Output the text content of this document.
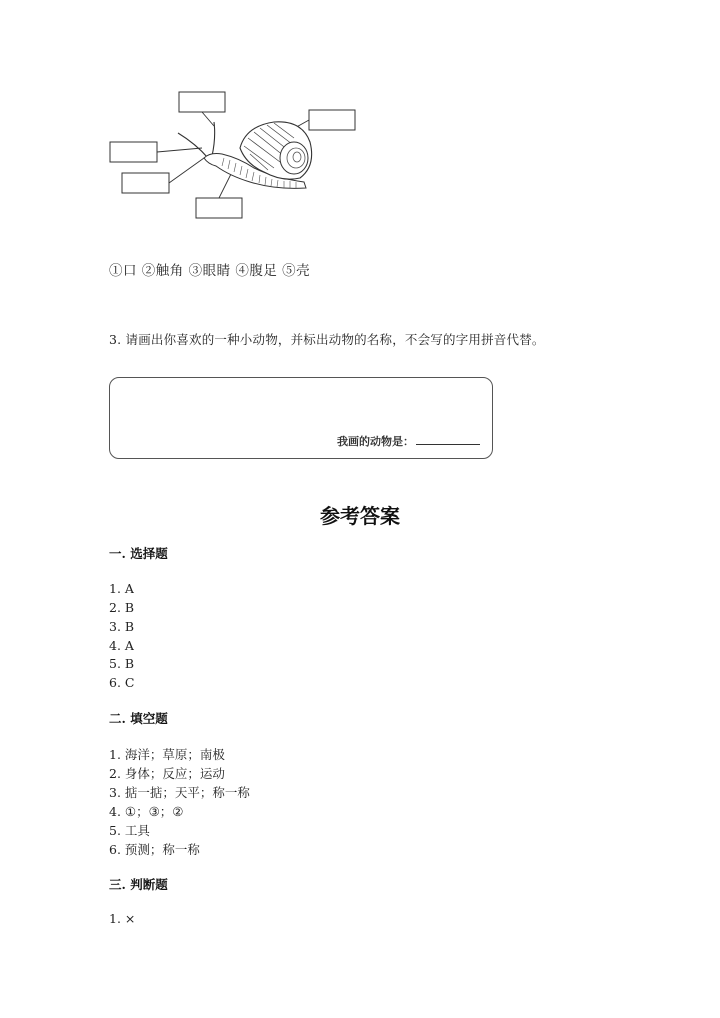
①口 ②触角 ③眼睛 ④腹足 ⑤壳
3. 请画出你喜欢的一种小动物，并标出动物的名称，不会写的字用拼音代替。
我画的动物是：
参考答案
一. 选择题
1. A
2. B
3. B
4. A
5. B
6. C
二. 填空题
1. 海洋；草原；南极
2. 身体；反应；运动
3. 掂一掂；天平；称一称
4. ①；③；②
5. 工具
6. 预测；称一称
三. 判断题
1. ×
